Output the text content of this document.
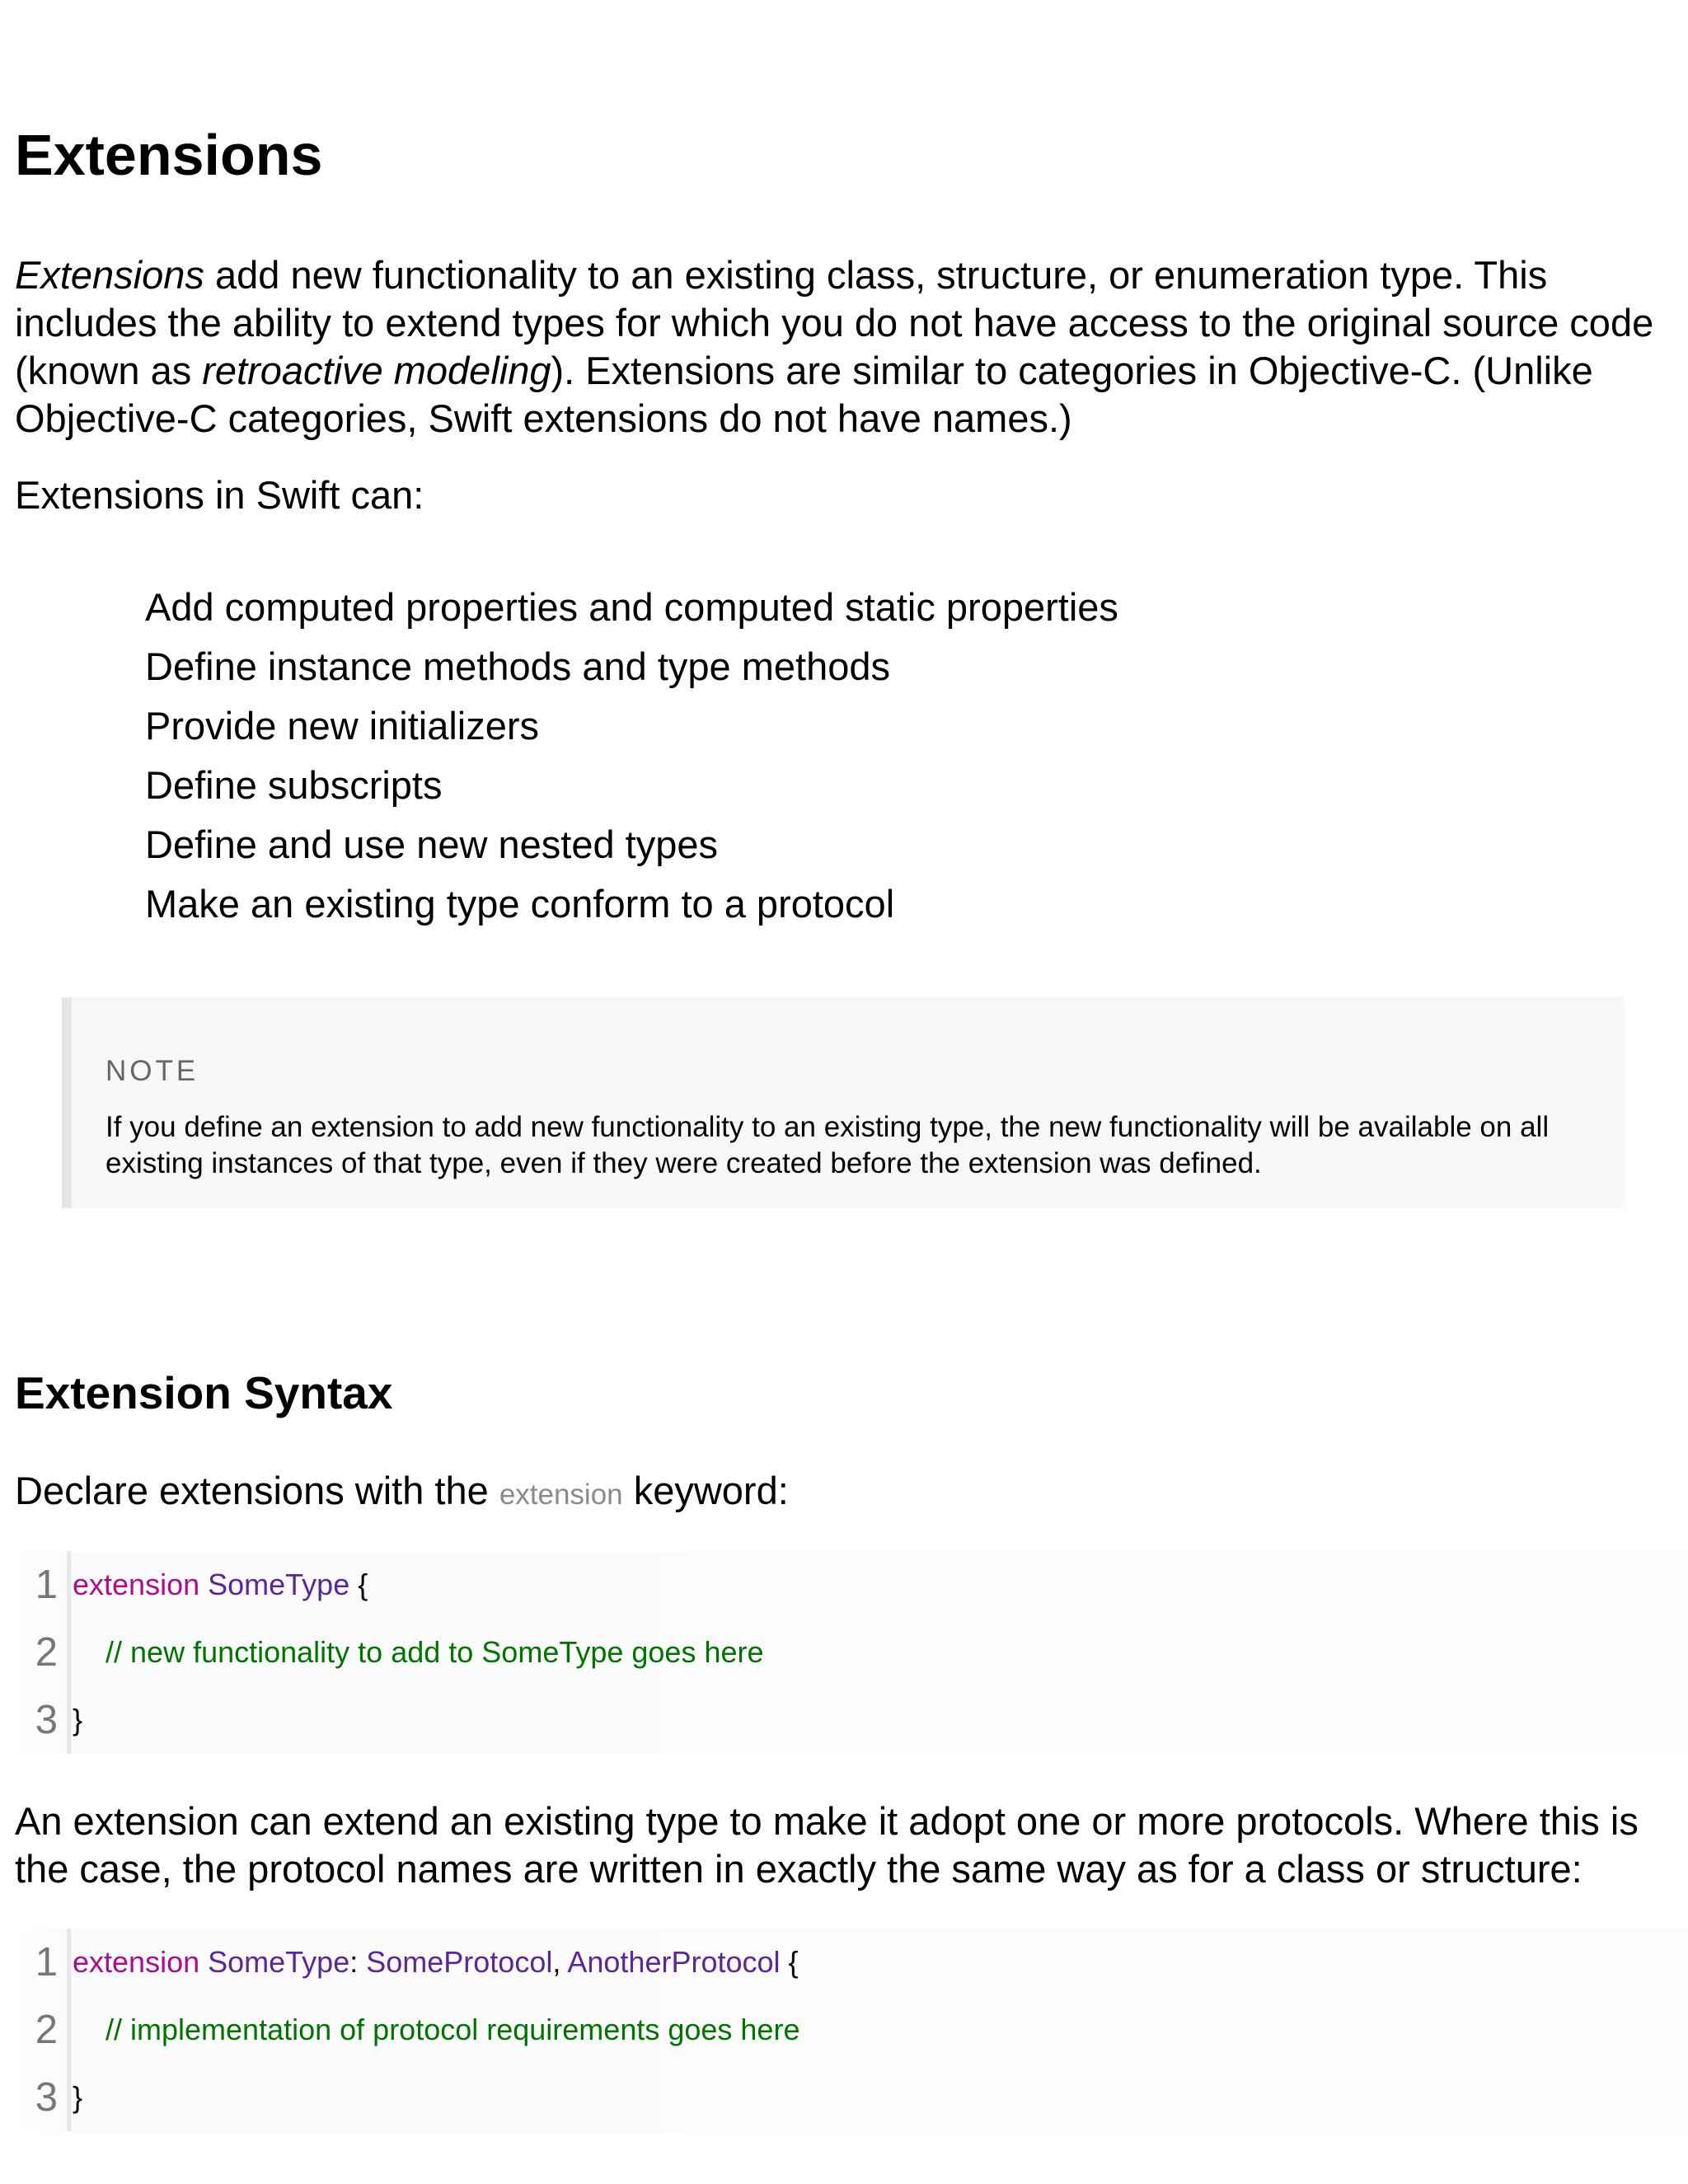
Extensions

Extensions add new functionality to an existing class, structure, or enumeration type. This
includes the ability to extend types for which you do not have access to the original source code
(known as retroactive modeling). Extensions are similar to categories in Objective-C. (Unlike
Objective-C categories, Swift extensions do not have names.)

Extensions in Swift can:

Add computed properties and computed static properties
Define instance methods and type methods
Provide new initializers
Define subscripts
Define and use new nested types
Make an existing type conform to a protocol
NOTE
If you define an extension to add new functionality to an existing type, the new functionality will be available on all
existing instances of that type, even if they were created before the extension was defined.
Extension Syntax

Declare extensions with the extension keyword:

1 extension SomeType {
2	// new functionality to add to SomeType goes here
3 }

An extension can extend an existing type to make it adopt one or more protocols. Where this is
the case, the protocol names are written in exactly the same way as for a class or structure:

1 extension SomeType: SomeProtocol, AnotherProtocol {
2	// implementation of protocol requirements goes here
3 }
